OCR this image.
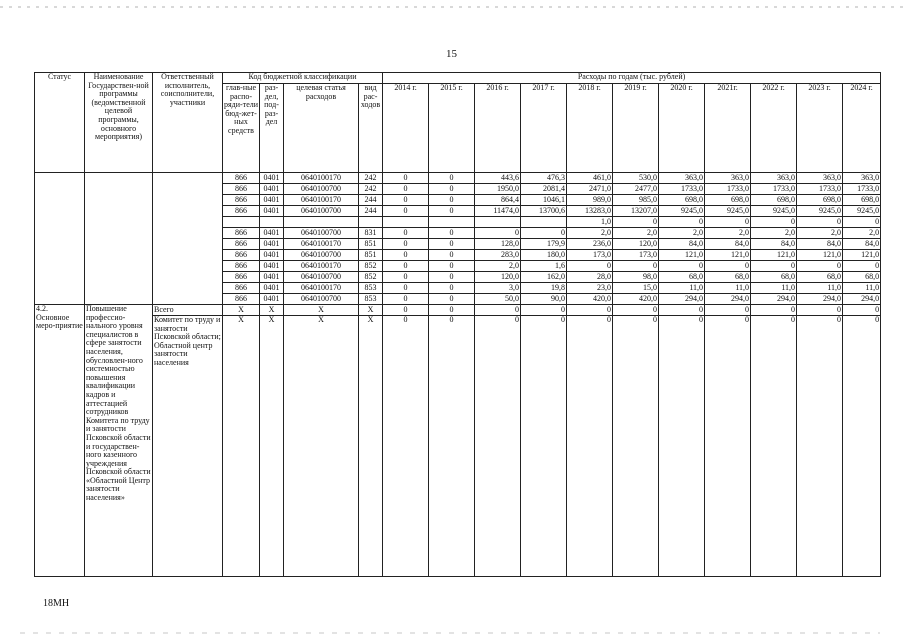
15
Статус	Наименование Государствен-ной программы (ведомственной целевой программы, основного мероприятия)	Ответственный исполнитель, соисполнители, участники	Код бюджетной классификации				Расходы по годам (тыс. рублей)										
			глав-ные распо-ряди-тели бюд-жет-ных средств	раз-дел, под-раз-дел	целевая статья расходов	вид рас-ходов	2014 г.	2015 г.	2016 г.	2017 г.	2018 г.	2019 г.	2020 г.	2021г.	2022 г.	2023 г.	2024 г.
			866	0401	0640100170	242	0	0	443,6	476,3	461,0	530,0	363,0	363,0	363,0	363,0	363,0
			866	0401	0640100700	242	0	0	1950,0	2081,4	2471,0	2477,0	1733,0	1733,0	1733,0	1733,0	1733,0
			866	0401	0640100170	244	0	0	864,4	1046,1	989,0	985,0	698,0	698,0	698,0	698,0	698,0
			866	0401	0640100700	244	0	0	11474,0	13700,6	13283,0	13207,0	9245,0	9245,0	9245,0	9245,0	9245,0
											1,0	0	0	0	0	0	0
			866	0401	0640100700	831	0	0	0	0	2,0	2,0	2,0	2,0	2,0	2,0	2,0
			866	0401	0640100170	851	0	0	128,0	179,9	236,0	120,0	84,0	84,0	84,0	84,0	84,0
			866	0401	0640100700	851	0	0	283,0	180,0	173,0	173,0	121,0	121,0	121,0	121,0	121,0
			866	0401	0640100170	852	0	0	2,0	1,6	0	0	0	0	0	0	0
			866	0401	0640100700	852	0	0	120,0	162,0	28,0	98,0	68,0	68,0	68,0	68,0	68,0
			866	0401	0640100170	853	0	0	3,0	19,8	23,0	15,0	11,0	11,0	11,0	11,0	11,0
			866	0401	0640100700	853	0	0	50,0	90,0	420,0	420,0	294,0	294,0	294,0	294,0	294,0
4.2. Основное меро-приятие	Повышение професcио-нального уровня специалистов в сфере занятости населения, обусловлен-ного системностью повышения квалификации кадров и аттестацией сотрудников Комитета по труду и занятости Псковской области и государствен-ного казенного учреждения Псковской области «Областной Центр занятости населения»	Всего	X	X	X	X	0	0	0	0	0	0	0	0	0	0	0
		Комитет по труду и занятости Псковской области; Областной центр занятости населения	X	X	X	X	0	0	0	0	0	0	0	0	0	0	0
18МН
